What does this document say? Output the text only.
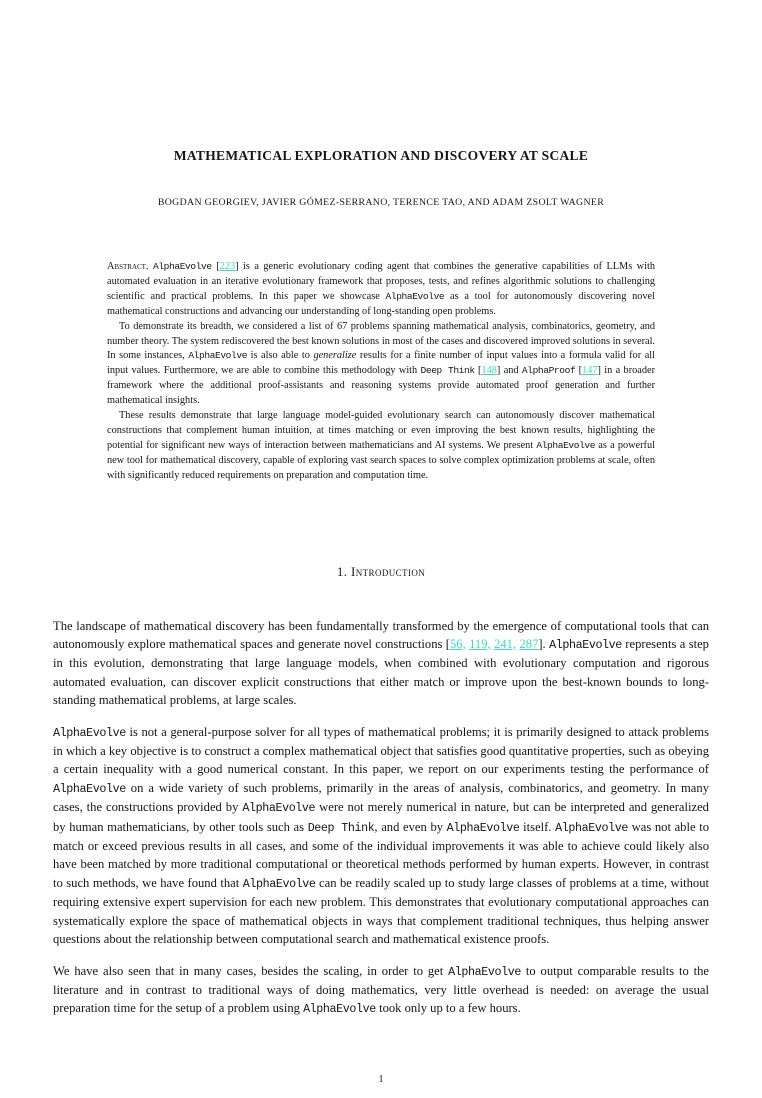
MATHEMATICAL EXPLORATION AND DISCOVERY AT SCALE
BOGDAN GEORGIEV, JAVIER GÓMEZ-SERRANO, TERENCE TAO, AND ADAM ZSOLT WAGNER

Abstract. AlphaEvolve [223] is a generic evolutionary coding agent that combines the generative capabilities of LLMs with automated evaluation in an iterative evolutionary framework that proposes, tests, and refines algorithmic solutions to challenging scientific and practical problems. In this paper we showcase AlphaEvolve as a tool for autonomously discovering novel mathematical constructions and advancing our understanding of long-standing open problems.

To demonstrate its breadth, we considered a list of 67 problems spanning mathematical analysis, combinatorics, geometry, and number theory. The system rediscovered the best known solutions in most of the cases and discovered improved solutions in several. In some instances, AlphaEvolve is also able to generalize results for a finite number of input values into a formula valid for all input values. Furthermore, we are able to combine this methodology with Deep Think [148] and AlphaProof [147] in a broader framework where the additional proof-assistants and reasoning systems provide automated proof generation and further mathematical insights.

These results demonstrate that large language model-guided evolutionary search can autonomously discover mathematical constructions that complement human intuition, at times matching or even improving the best known results, highlighting the potential for significant new ways of interaction between mathematicians and AI systems. We present AlphaEvolve as a powerful new tool for mathematical discovery, capable of exploring vast search spaces to solve complex optimization problems at scale, often with significantly reduced requirements on preparation and computation time.

1. Introduction

The landscape of mathematical discovery has been fundamentally transformed by the emergence of computational tools that can autonomously explore mathematical spaces and generate novel constructions [56, 119, 241, 287]. AlphaEvolve represents a step in this evolution, demonstrating that large language models, when combined with evolutionary computation and rigorous automated evaluation, can discover explicit constructions that either match or improve upon the best-known bounds to long-standing mathematical problems, at large scales.

AlphaEvolve is not a general-purpose solver for all types of mathematical problems; it is primarily designed to attack problems in which a key objective is to construct a complex mathematical object that satisfies good quantitative properties, such as obeying a certain inequality with a good numerical constant. In this paper, we report on our experiments testing the performance of AlphaEvolve on a wide variety of such problems, primarily in the areas of analysis, combinatorics, and geometry. In many cases, the constructions provided by AlphaEvolve were not merely numerical in nature, but can be interpreted and generalized by human mathematicians, by other tools such as Deep Think, and even by AlphaEvolve itself. AlphaEvolve was not able to match or exceed previous results in all cases, and some of the individual improvements it was able to achieve could likely also have been matched by more traditional computational or theoretical methods performed by human experts. However, in contrast to such methods, we have found that AlphaEvolve can be readily scaled up to study large classes of problems at a time, without requiring extensive expert supervision for each new problem. This demonstrates that evolutionary computational approaches can systematically explore the space of mathematical objects in ways that complement traditional techniques, thus helping answer questions about the relationship between computational search and mathematical existence proofs.

We have also seen that in many cases, besides the scaling, in order to get AlphaEvolve to output comparable results to the literature and in contrast to traditional ways of doing mathematics, very little overhead is needed: on average the usual preparation time for the setup of a problem using AlphaEvolve took only up to a few hours.

1
